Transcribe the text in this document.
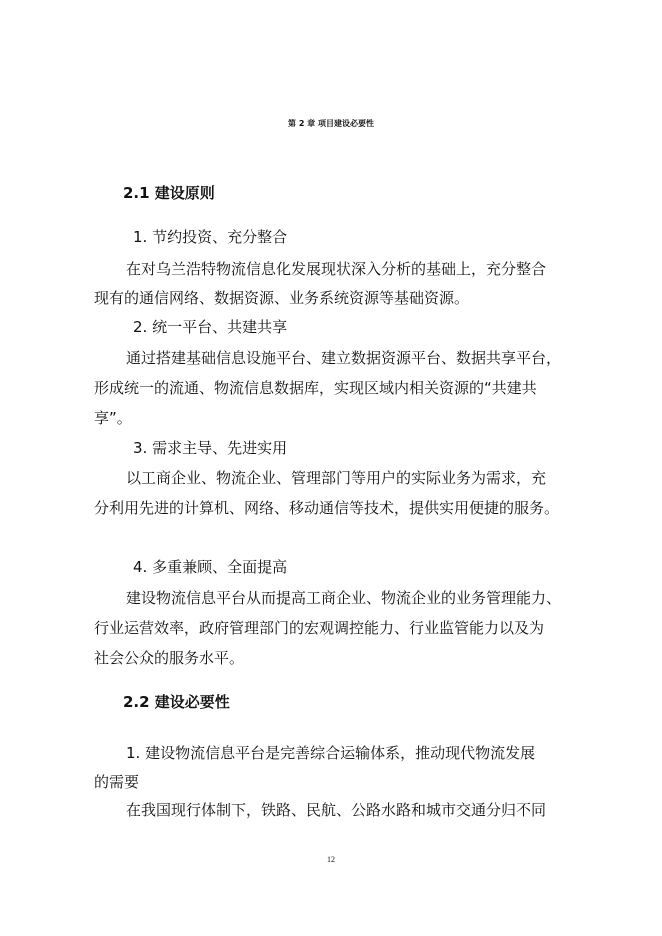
第 2 章 项目建设必要性
2.1 建设原则
1. 节约投资、充分整合

在对乌兰浩特物流信息化发展现状深入分析的基础上，充分整合

现有的通信网络、数据资源、业务系统资源等基础资源。

2. 统一平台、共建共享

通过搭建基础信息设施平台、建立数据资源平台、数据共享平台，

形成统一的流通、物流信息数据库，实现区域内相关资源的“共建共

享”。

3. 需求主导、先进实用

以工商企业、物流企业、管理部门等用户的实际业务为需求，充

分利用先进的计算机、网络、移动通信等技术，提供实用便捷的服务。

4. 多重兼顾、全面提高

建设物流信息平台从而提高工商企业、物流企业的业务管理能力、

行业运营效率，政府管理部门的宏观调控能力、行业监管能力以及为

社会公众的服务水平。

2.2 建设必要性
1. 建设物流信息平台是完善综合运输体系，推动现代物流发展
的需要

在我国现行体制下，铁路、民航、公路水路和城市交通分归不同

12
